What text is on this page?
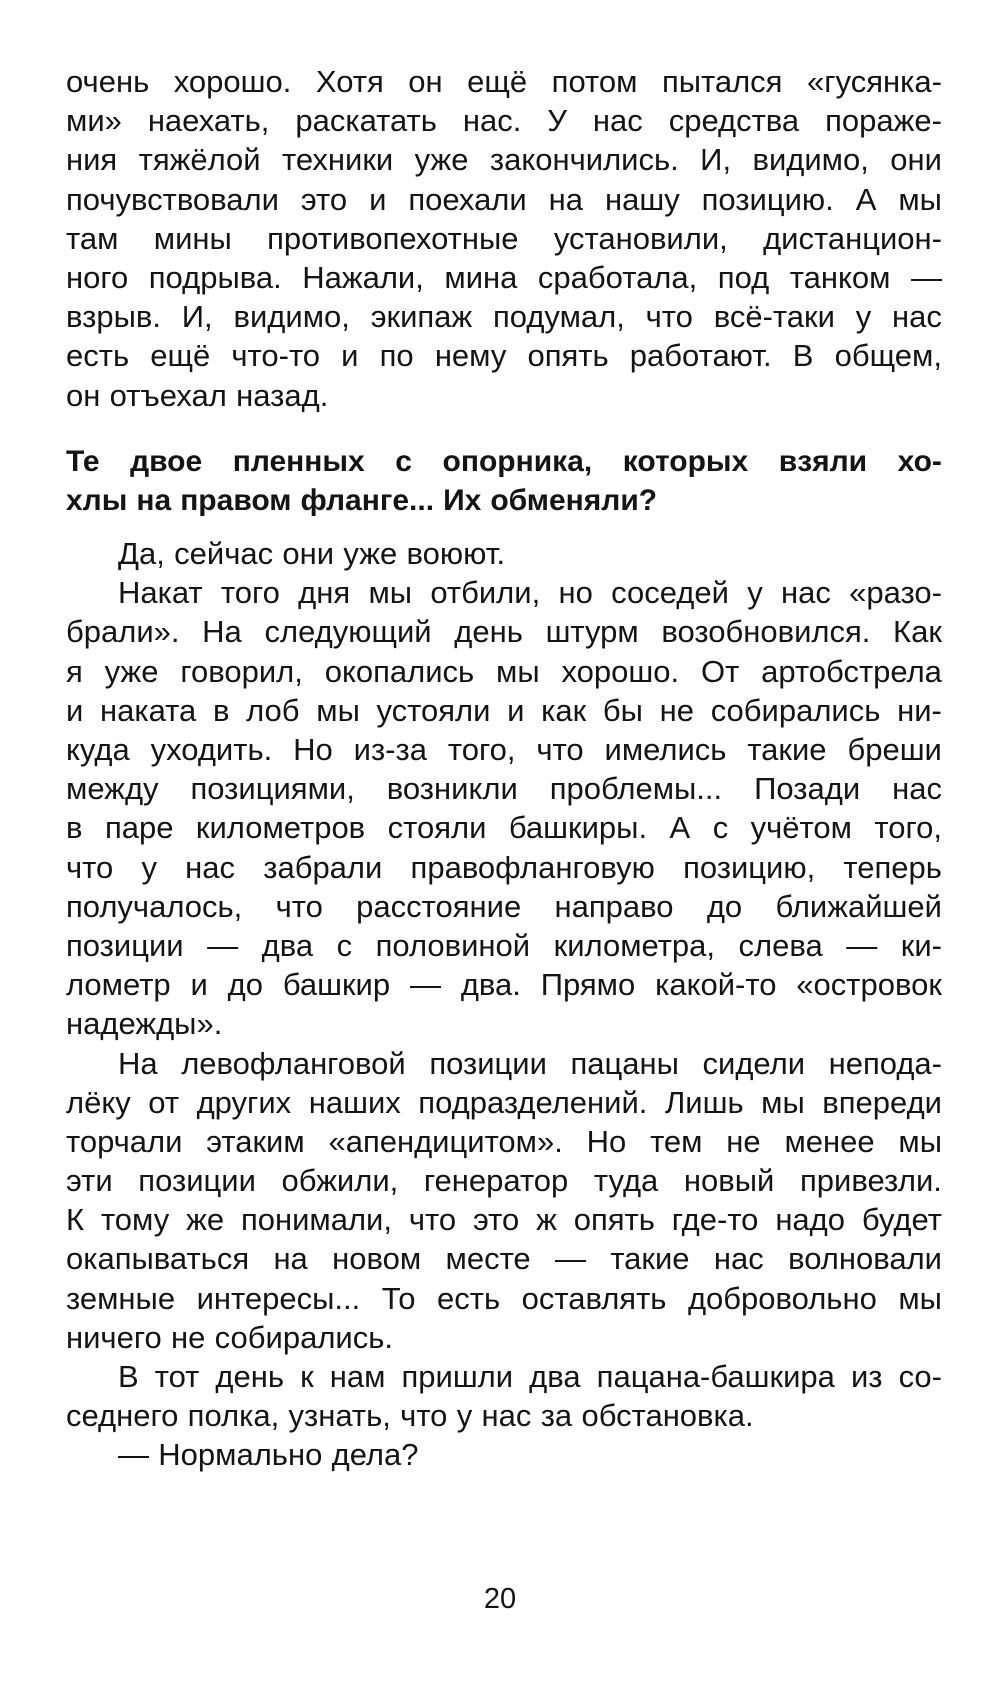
очень хорошо. Хотя он ещё потом пытался «гусянка-
ми» наехать, раскатать нас. У нас средства пораже-
ния тяжёлой техники уже закончились. И, видимо, они
почувствовали это и поехали на нашу позицию. А мы
там мины противопехотные установили, дистанцион-
ного подрыва. Нажали, мина сработала, под танком —
взрыв. И, видимо, экипаж подумал, что всё-таки у нас
есть ещё что-то и по нему опять работают. В общем,
он отъехал назад.
Те двое пленных с опорника, которых взяли хо-
хлы на правом фланге... Их обменяли?
Да, сейчас они уже воюют.
Накат того дня мы отбили, но соседей у нас «разо-
брали». На следующий день штурм возобновился. Как
я уже говорил, окопались мы хорошо. От артобстрела
и наката в лоб мы устояли и как бы не собирались ни-
куда уходить. Но из-за того, что имелись такие бреши
между позициями, возникли проблемы... Позади нас
в паре километров стояли башкиры. А с учётом того,
что у нас забрали правофланговую позицию, теперь
получалось, что расстояние направо до ближайшей
позиции — два с половиной километра, слева — ки-
лометр и до башкир — два. Прямо какой-то «островок
надежды».
На левофланговой позиции пацаны сидели непода-
лёку от других наших подразделений. Лишь мы впереди
торчали этаким «апендицитом». Но тем не менее мы
эти позиции обжили, генератор туда новый привезли.
К тому же понимали, что это ж опять где-то надо будет
окапываться на новом месте — такие нас волновали
земные интересы... То есть оставлять добровольно мы
ничего не собирались.
В тот день к нам пришли два пацана-башкира из со-
седнего полка, узнать, что у нас за обстановка.
— Нормально дела?
20
